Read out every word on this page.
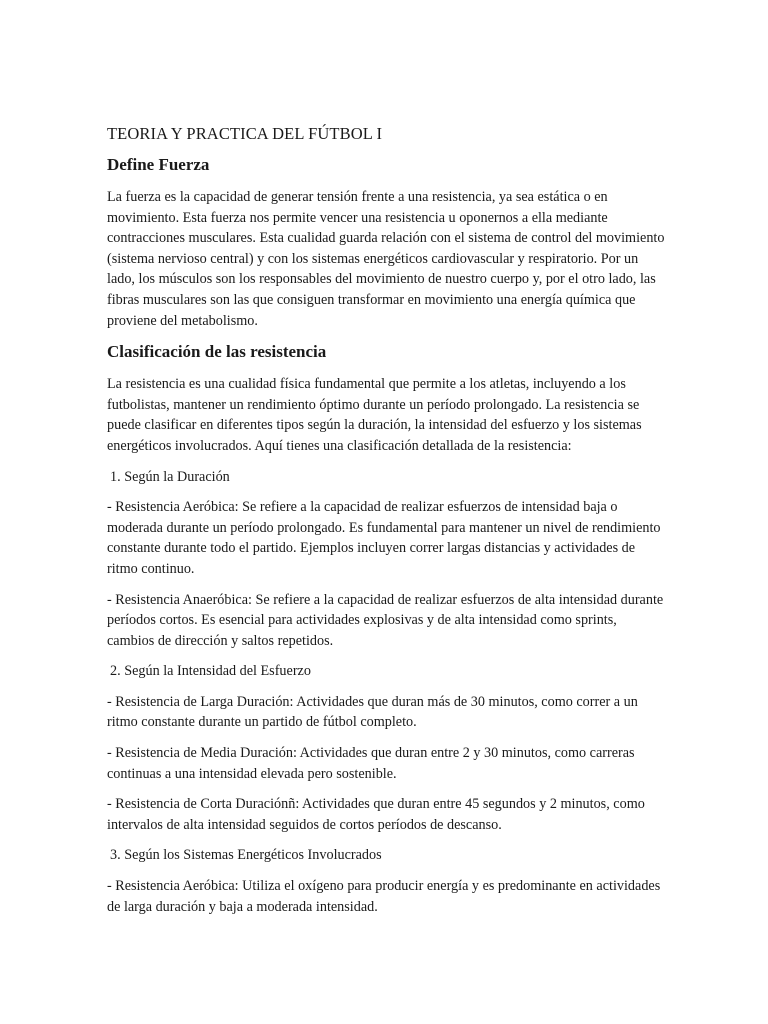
TEORIA Y PRACTICA DEL FÚTBOL I
Define Fuerza

La fuerza es la capacidad de generar tensión frente a una resistencia, ya sea estática o en movimiento. Esta fuerza nos permite vencer una resistencia u oponernos a ella mediante contracciones musculares. Esta cualidad guarda relación con el sistema de control del movimiento (sistema nervioso central) y con los sistemas energéticos cardiovascular y respiratorio. Por un lado, los músculos son los responsables del movimiento de nuestro cuerpo y, por el otro lado, las fibras musculares son las que consiguen transformar en movimiento una energía química que proviene del metabolismo.

Clasificación de las resistencia

La resistencia es una cualidad física fundamental que permite a los atletas, incluyendo a los futbolistas, mantener un rendimiento óptimo durante un período prolongado. La resistencia se puede clasificar en diferentes tipos según la duración, la intensidad del esfuerzo y los sistemas energéticos involucrados. Aquí tienes una clasificación detallada de la resistencia:

1. Según la Duración

- Resistencia Aeróbica: Se refiere a la capacidad de realizar esfuerzos de intensidad baja o moderada durante un período prolongado. Es fundamental para mantener un nivel de rendimiento constante durante todo el partido. Ejemplos incluyen correr largas distancias y actividades de ritmo continuo.

- Resistencia Anaeróbica: Se refiere a la capacidad de realizar esfuerzos de alta intensidad durante períodos cortos. Es esencial para actividades explosivas y de alta intensidad como sprints, cambios de dirección y saltos repetidos.

2. Según la Intensidad del Esfuerzo

- Resistencia de Larga Duración: Actividades que duran más de 30 minutos, como correr a un ritmo constante durante un partido de fútbol completo.

- Resistencia de Media Duración: Actividades que duran entre 2 y 30 minutos, como carreras continuas a una intensidad elevada pero sostenible.

- Resistencia de Corta Duraciónñ: Actividades que duran entre 45 segundos y 2 minutos, como intervalos de alta intensidad seguidos de cortos períodos de descanso.

3. Según los Sistemas Energéticos Involucrados

- Resistencia Aeróbica: Utiliza el oxígeno para producir energía y es predominante en actividades de larga duración y baja a moderada intensidad.
